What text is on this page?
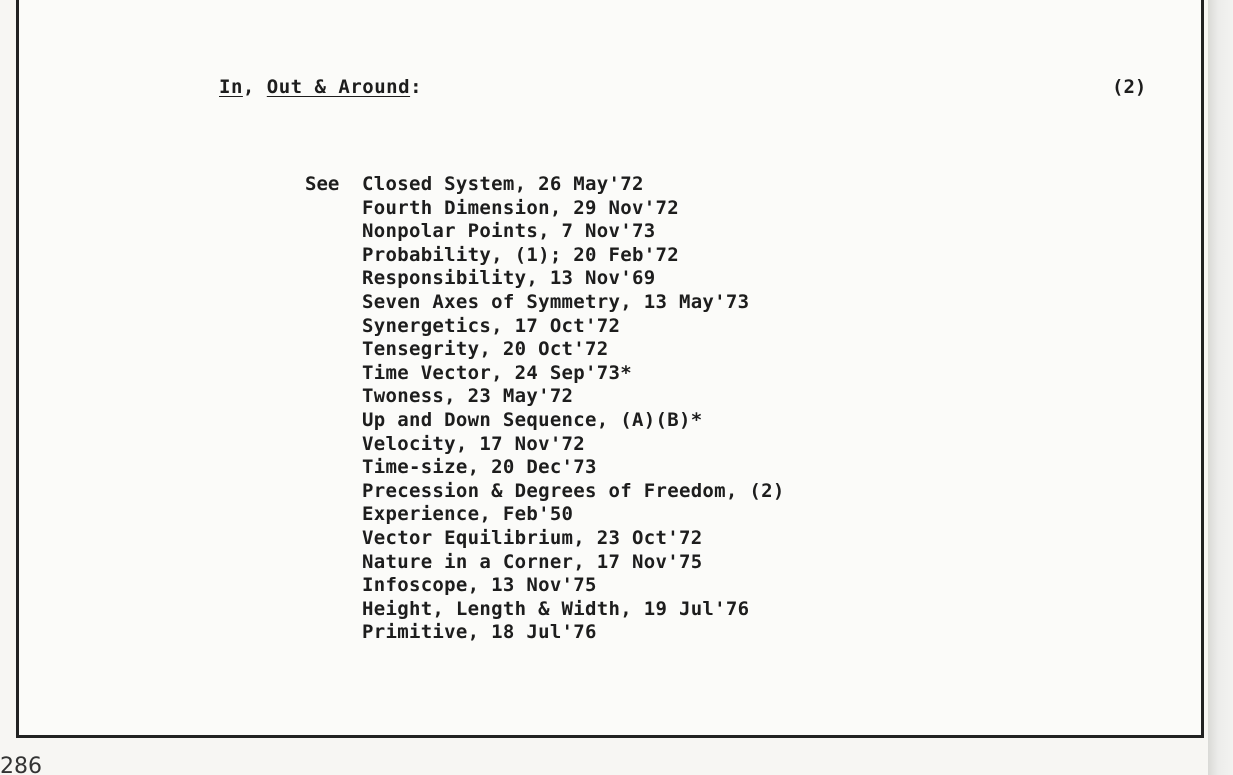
In, Out & Around:	(2)
See Closed System, 26 May'72
Fourth Dimension, 29 Nov'72
Nonpolar Points, 7 Nov'73
Probability, (1); 20 Feb'72
Responsibility, 13 Nov'69
Seven Axes of Symmetry, 13 May'73
Synergetics, 17 Oct'72
Tensegrity, 20 Oct'72
Time Vector, 24 Sep'73*
Twoness, 23 May'72
Up and Down Sequence, (A)(B)*
Velocity, 17 Nov'72
Time-size, 20 Dec'73
Precession & Degrees of Freedom, (2)
Experience, Feb'50
Vector Equilibrium, 23 Oct'72
Nature in a Corner, 17 Nov'75
Infoscope, 13 Nov'75
Height, Length & Width, 19 Jul'76
Primitive, 18 Jul'76
286
